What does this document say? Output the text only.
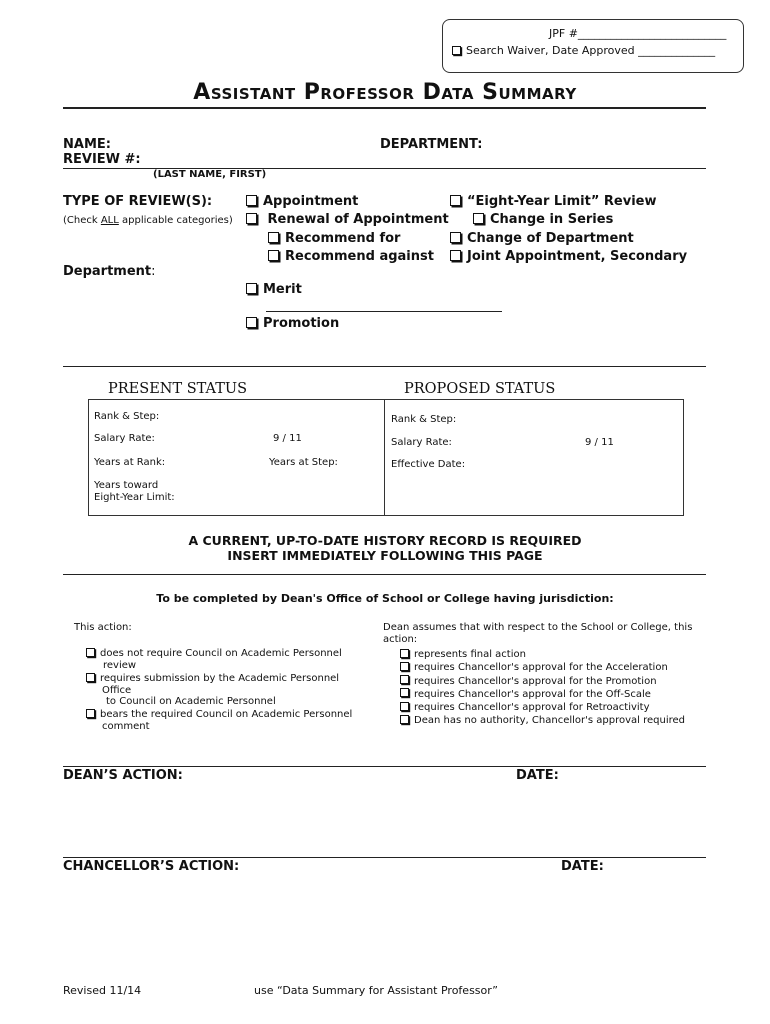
JPF #___________________________
Search Waiver, Date Approved ______________
Assistant Professor Data Summary
NAME:	DEPARTMENT:
REVIEW #:
(LAST NAME, FIRST)
TYPE OF REVIEW(S):
(Check ALL applicable categories)
Department:
Appointment
Renewal of Appointment
Recommend for
Recommend against
Merit
Promotion
“Eight-Year Limit” Review
Change in Series
Change of Department
Joint Appointment, Secondary
PRESENT STATUS	PROPOSED STATUS
Rank & Step:
Salary Rate:	9 / 11
Years at Rank:	Years at Step:
Years toward
Eight-Year Limit:
Rank & Step:
Salary Rate:	9 / 11
Effective Date:
A CURRENT, UP-TO-DATE HISTORY RECORD IS REQUIRED
INSERT IMMEDIATELY FOLLOWING THIS PAGE
To be completed by Dean's Office of School or College having jurisdiction:
This action:
does not require Council on Academic Personnel
review
requires submission by the Academic Personnel
Office
to Council on Academic Personnel
bears the required Council on Academic Personnel
comment
Dean assumes that with respect to the School or College, this
action:
represents final action
requires Chancellor's approval for the Acceleration
requires Chancellor's approval for the Promotion
requires Chancellor's approval for the Off-Scale
requires Chancellor's approval for Retroactivity
Dean has no authority, Chancellor's approval required
DEAN’S ACTION:	DATE:
CHANCELLOR’S ACTION:	DATE:
Revised 11/14	use “Data Summary for Assistant Professor”
